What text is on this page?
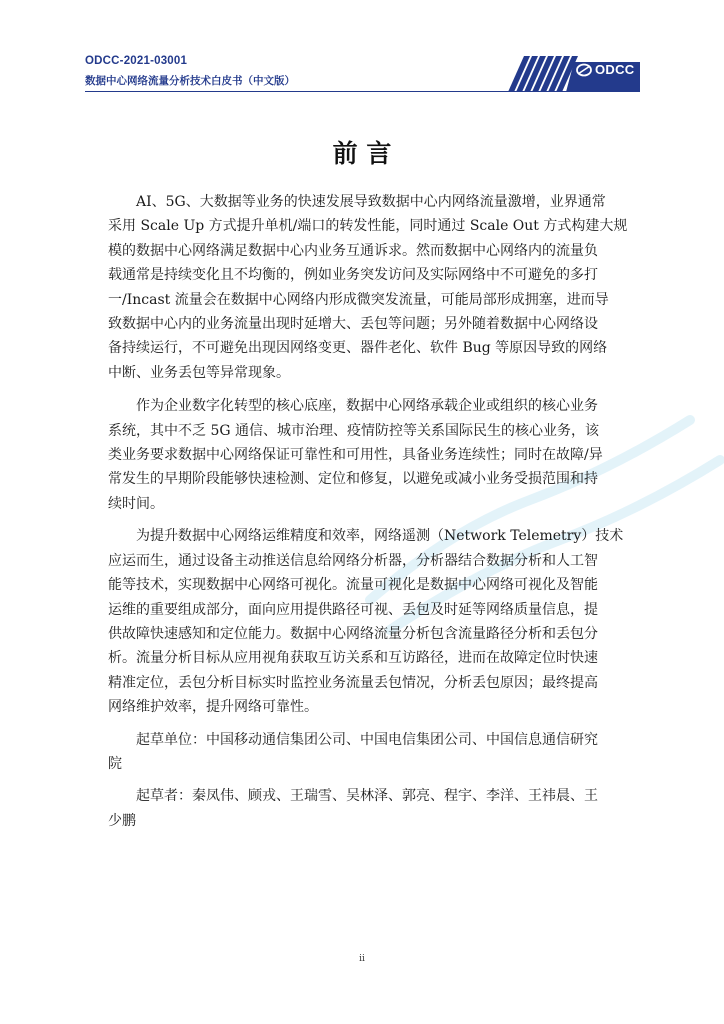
ODCC-2021-03001
数据中心网络流量分析技术白皮书（中文版）
ODCC
前 言

AI、5G、大数据等业务的快速发展导致数据中心内网络流量激增，业界通常
采用 Scale Up 方式提升单机/端口的转发性能，同时通过 Scale Out 方式构建大规
模的数据中心网络满足数据中心内业务互通诉求。然而数据中心网络内的流量负
载通常是持续变化且不均衡的，例如业务突发访问及实际网络中不可避免的多打
一/Incast 流量会在数据中心网络内形成微突发流量，可能局部形成拥塞，进而导
致数据中心内的业务流量出现时延增大、丢包等问题；另外随着数据中心网络设
备持续运行，不可避免出现因网络变更、器件老化、软件 Bug 等原因导致的网络
中断、业务丢包等异常现象。

作为企业数字化转型的核心底座，数据中心网络承载企业或组织的核心业务
系统，其中不乏 5G 通信、城市治理、疫情防控等关系国际民生的核心业务，该
类业务要求数据中心网络保证可靠性和可用性，具备业务连续性；同时在故障/异
常发生的早期阶段能够快速检测、定位和修复，以避免或减小业务受损范围和持
续时间。

为提升数据中心网络运维精度和效率，网络遥测（Network Telemetry）技术
应运而生，通过设备主动推送信息给网络分析器，分析器结合数据分析和人工智
能等技术，实现数据中心网络可视化。流量可视化是数据中心网络可视化及智能
运维的重要组成部分，面向应用提供路径可视、丢包及时延等网络质量信息，提
供故障快速感知和定位能力。数据中心网络流量分析包含流量路径分析和丢包分
析。流量分析目标从应用视角获取互访关系和互访路径，进而在故障定位时快速
精准定位，丢包分析目标实时监控业务流量丢包情况，分析丢包原因；最终提高
网络维护效率，提升网络可靠性。

起草单位：中国移动通信集团公司、中国电信集团公司、中国信息通信研究
院

起草者：秦凤伟、顾戎、王瑞雪、吴林泽、郭亮、程宇、李洋、王祎晨、王
少鹏

ii
